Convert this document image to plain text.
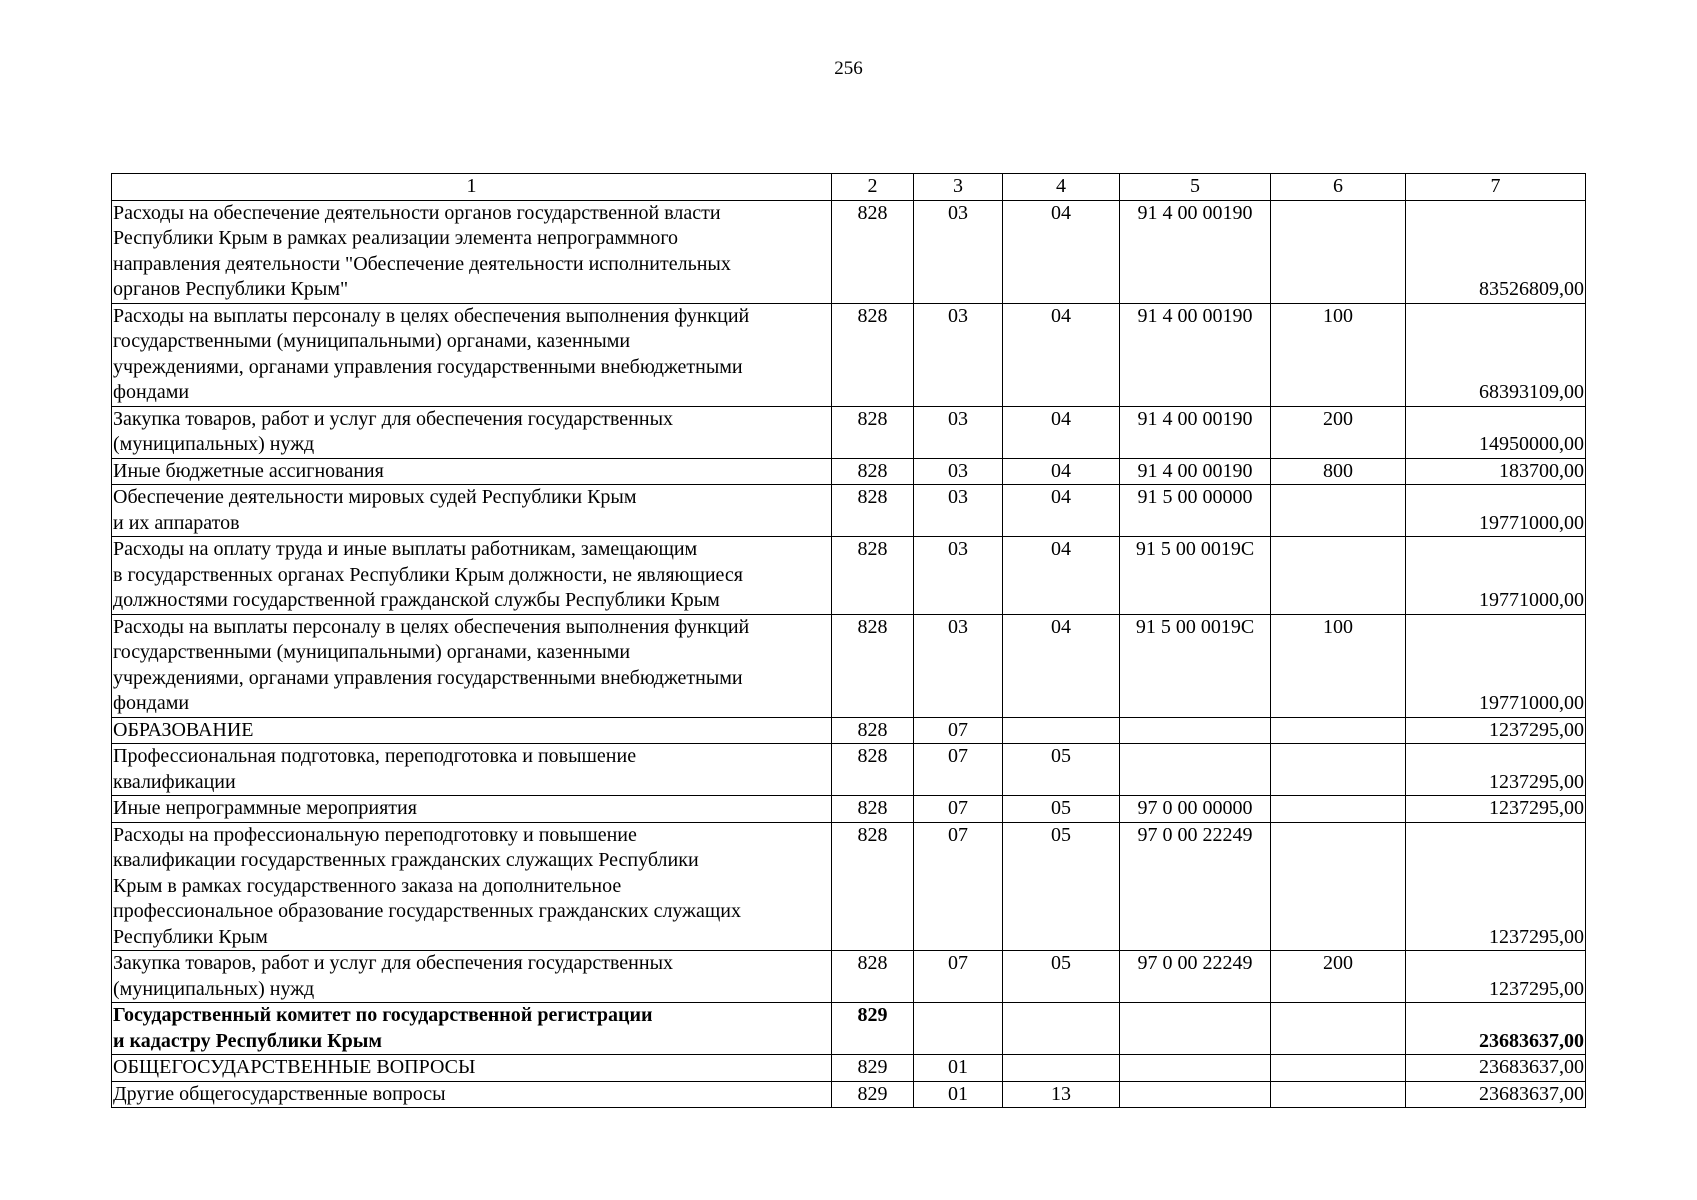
256
1	2	3	4	5	6	7

Расходы на обеспечение деятельности органов государственной власти
Республики Крым в рамках реализации элемента непрограммного
направления деятельности "Обеспечение деятельности исполнительных
органов Республики Крым"	828	03	04	91 4 00 00190		83526809,00

Расходы на выплаты персоналу в целях обеспечения выполнения функций
государственными (муниципальными) органами, казенными
учреждениями, органами управления государственными внебюджетными
фондами	828	03	04	91 4 00 00190	100	68393109,00

Закупка товаров, работ и услуг для обеспечения государственных
(муниципальных) нужд	828	03	04	91 4 00 00190	200	14950000,00

Иные бюджетные ассигнования	828	03	04	91 4 00 00190	800	183700,00

Обеспечение деятельности мировых судей Республики Крым
и их аппаратов	828	03	04	91 5 00 00000		19771000,00

Расходы на оплату труда и иные выплаты работникам, замещающим
в государственных органах Республики Крым должности, не являющиеся
должностями государственной гражданской службы Республики Крым	828	03	04	91 5 00 0019С		19771000,00

Расходы на выплаты персоналу в целях обеспечения выполнения функций
государственными (муниципальными) органами, казенными
учреждениями, органами управления государственными внебюджетными
фондами	828	03	04	91 5 00 0019С	100	19771000,00

ОБРАЗОВАНИЕ	828	07				1237295,00

Профессиональная подготовка, переподготовка и повышение
квалификации	828	07	05			1237295,00

Иные непрограммные мероприятия	828	07	05	97 0 00 00000		1237295,00

Расходы на профессиональную переподготовку и повышение
квалификации государственных гражданских служащих Республики
Крым в рамках государственного заказа на дополнительное
профессиональное образование государственных гражданских служащих
Республики Крым	828	07	05	97 0 00 22249		1237295,00

Закупка товаров, работ и услуг для обеспечения государственных
(муниципальных) нужд	828	07	05	97 0 00 22249	200	1237295,00

Государственный комитет по государственной регистрации
и кадастру Республики Крым	829					23683637,00

ОБЩЕГОСУДАРСТВЕННЫЕ ВОПРОСЫ	829	01				23683637,00

Другие общегосударственные вопросы	829	01	13			23683637,00
